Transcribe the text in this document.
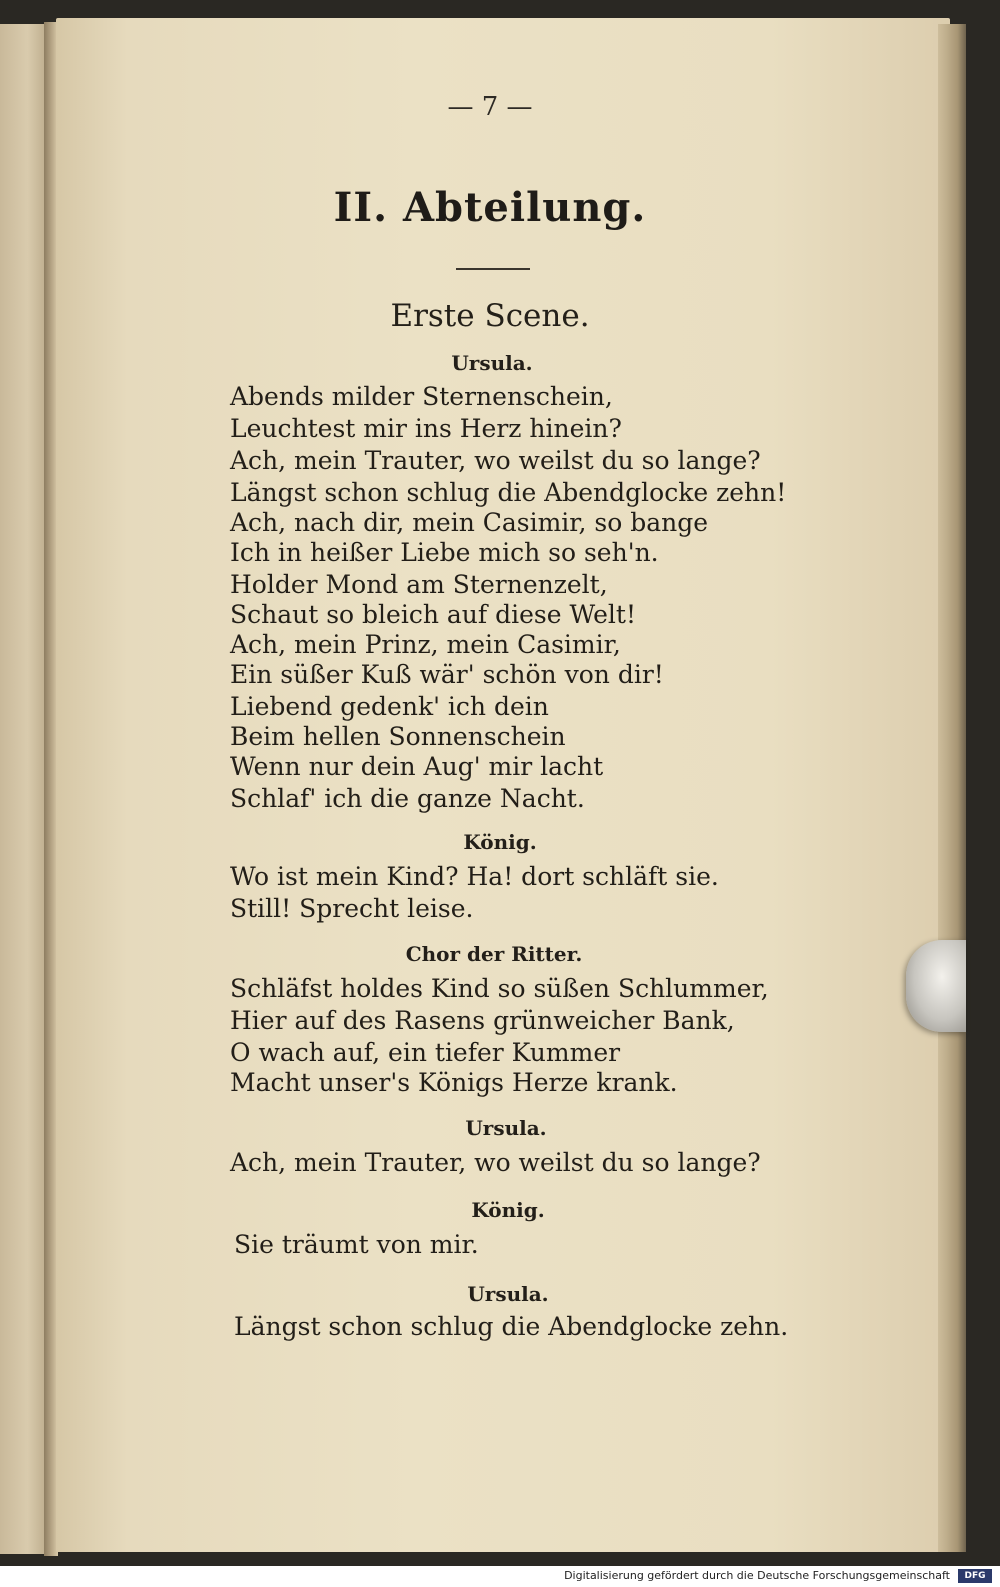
— 7 —
II. Abteilung.
Erste Scene.
Ursula.
Abends milder Sternenschein,
Leuchtest mir ins Herz hinein?
Ach, mein Trauter, wo weilst du so lange?
Längst schon schlug die Abendglocke zehn!
Ach, nach dir, mein Casimir, so bange
Ich in heißer Liebe mich so seh'n.
Holder Mond am Sternenzelt,
Schaut so bleich auf diese Welt!
Ach, mein Prinz, mein Casimir,
Ein süßer Kuß wär' schön von dir!
Liebend gedenk' ich dein
Beim hellen Sonnenschein
Wenn nur dein Aug' mir lacht
Schlaf' ich die ganze Nacht.
König.
Wo ist mein Kind? Ha! dort schläft sie.
Still! Sprecht leise.
Chor der Ritter.
Schläfst holdes Kind so süßen Schlummer,
Hier auf des Rasens grünweicher Bank,
O wach auf, ein tiefer Kummer
Macht unser's Königs Herze krank.
Ursula.
Ach, mein Trauter, wo weilst du so lange?
König.
Sie träumt von mir.
Ursula.
Längst schon schlug die Abendglocke zehn.
Digitalisierung gefördert durch die Deutsche Forschungsgemeinschaft	DFG
